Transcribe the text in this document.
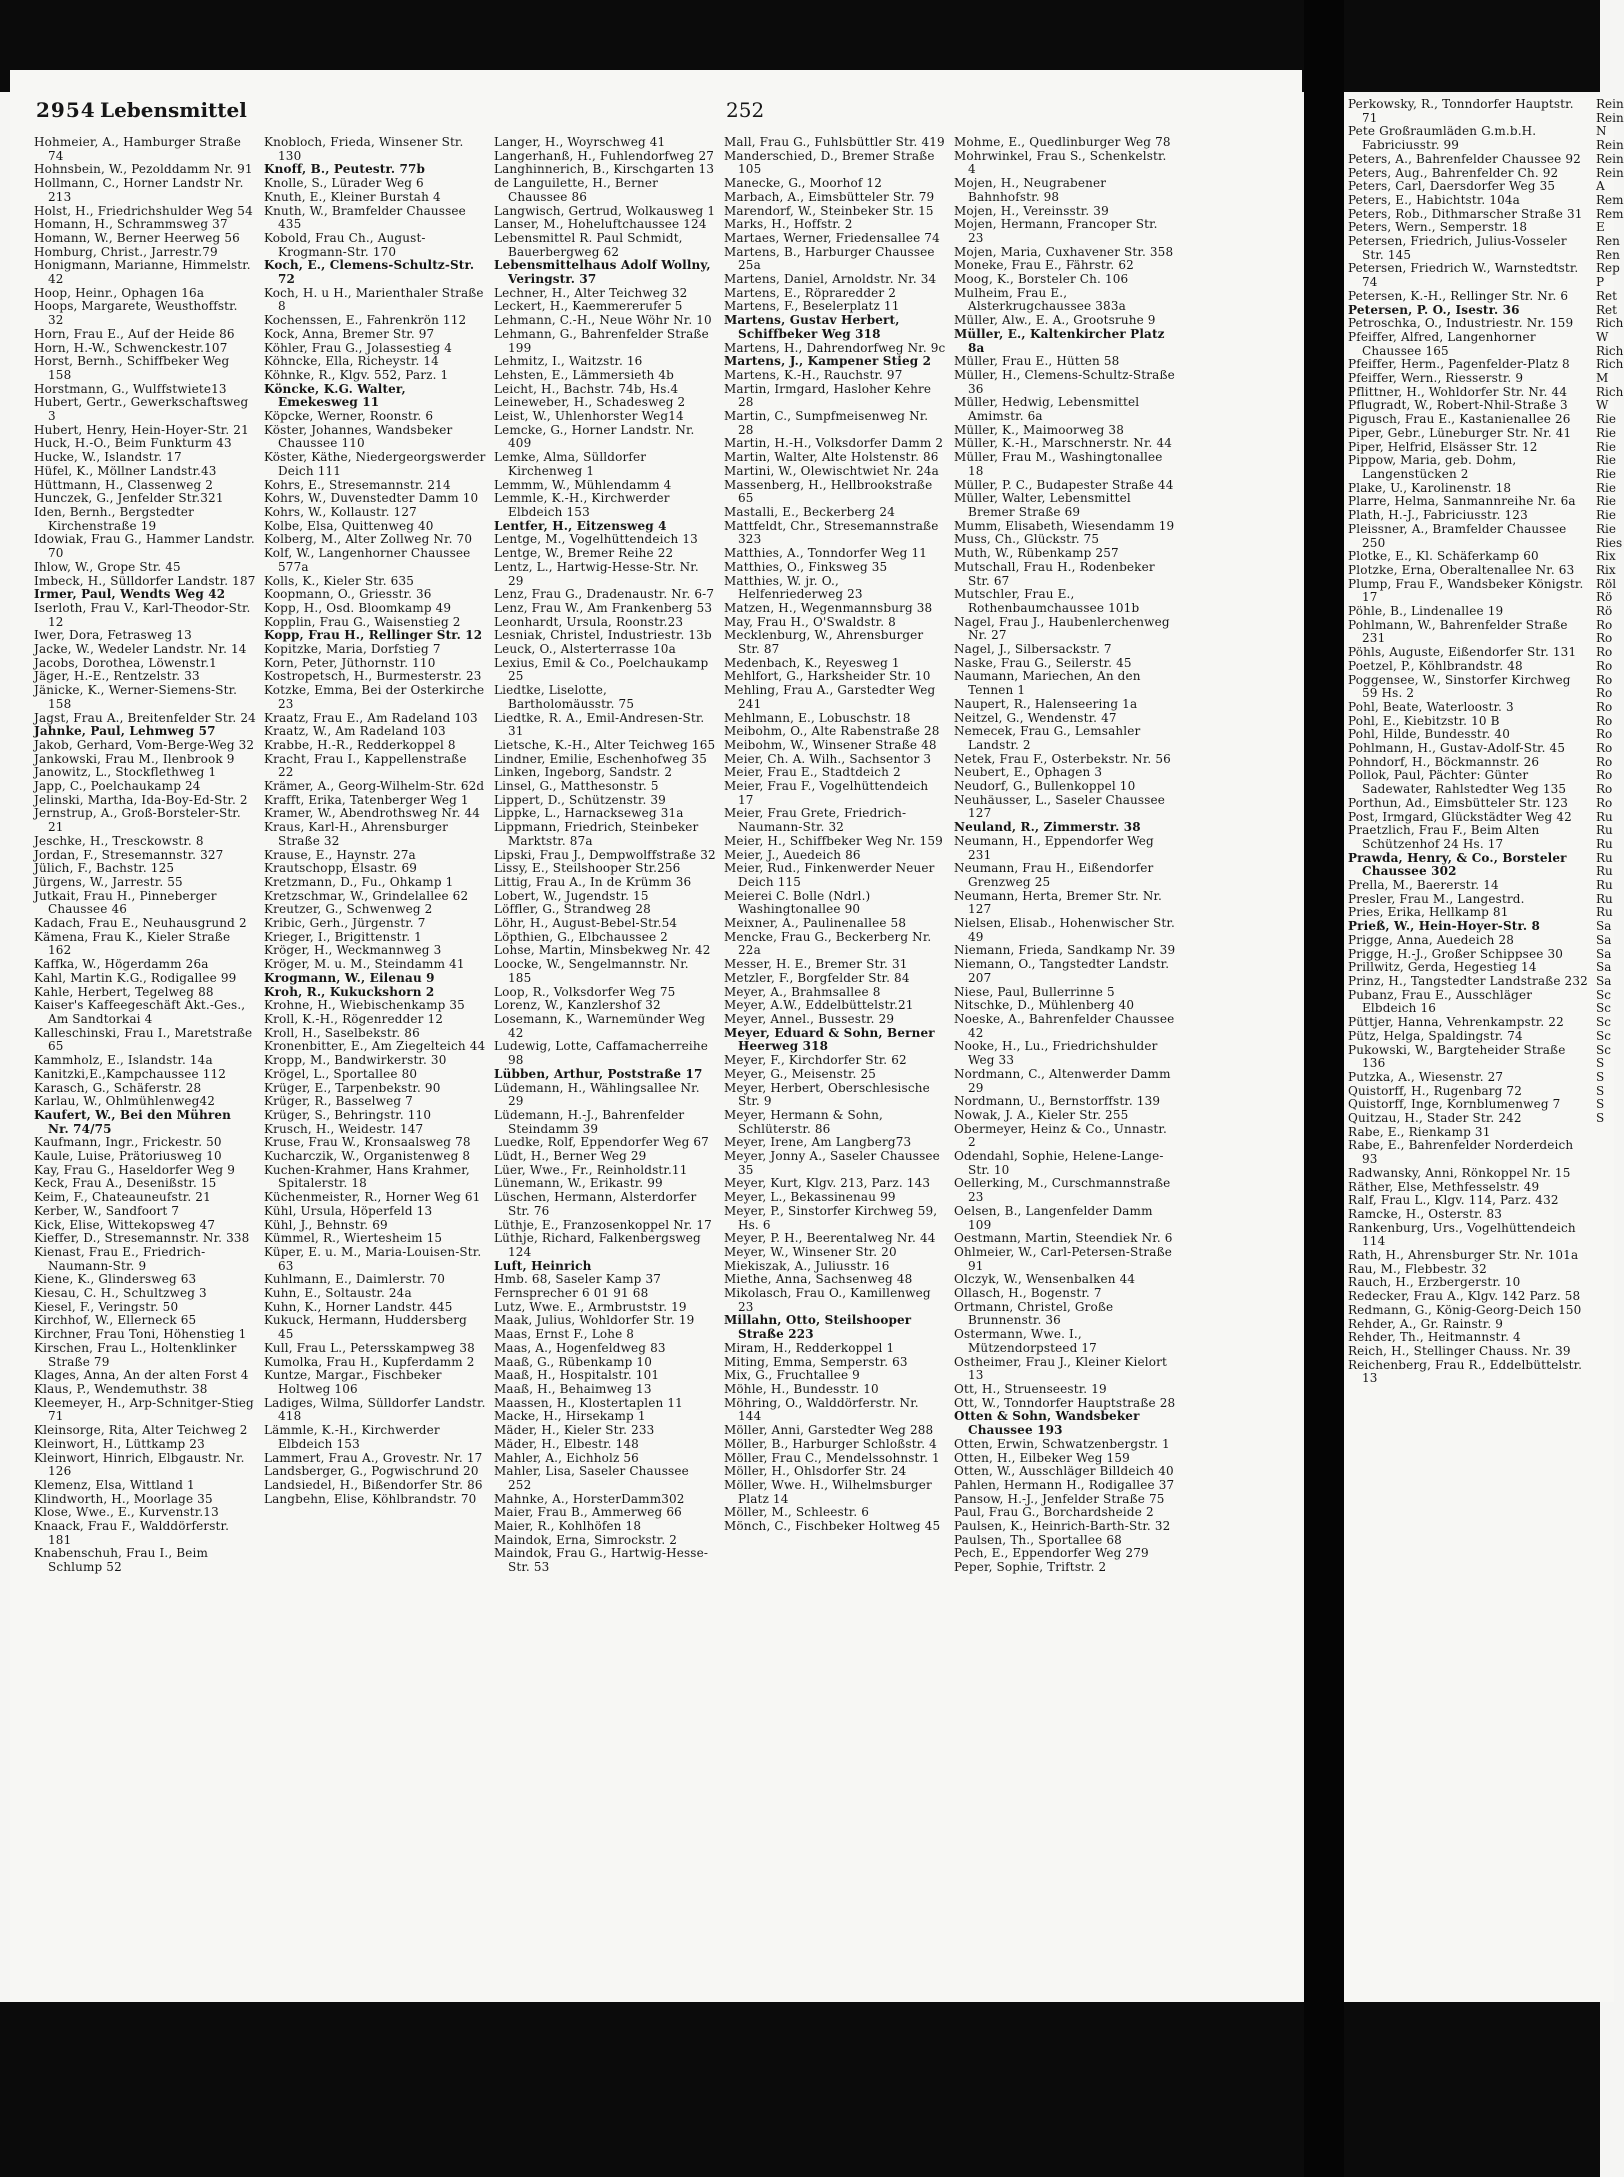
2954 Lebensmittel	252
Hohmeier, A., Hamburger Straße 74
Hohnsbein, W., Pezolddamm Nr. 91
Hollmann, C., Horner Landstr Nr. 213
Holst, H., Friedrichshulder Weg 54
Homann, H., Schrammsweg 37
Homann, W., Berner Heerweg 56
Homburg, Christ., Jarrestr.79
Honigmann, Marianne, Himmelstr. 42
Hoop, Heinr., Ophagen 16a
Hoops, Margarete, Weusthoffstr. 32
Horn, Frau E., Auf der Heide 86
Horn, H.-W., Schwenckestr.107
Horst, Bernh., Schiffbeker Weg 158
Horstmann, G., Wulffstwiete13
Hubert, Gertr., Gewerkschaftsweg 3
Hubert, Henry, Hein-Hoyer-Str. 21
Huck, H.-O., Beim Funkturm 43
Hucke, W., Islandstr. 17
Hüfel, K., Möllner Landstr.43
Hüttmann, H., Classenweg 2
Hunczek, G., Jenfelder Str.321
Iden, Bernh., Bergstedter Kirchenstraße 19
Idowiak, Frau G., Hammer Landstr. 70
Ihlow, W., Grope Str. 45
Imbeck, H., Sülldorfer Landstr. 187
Irmer, Paul, Wendts Weg 42
Iserloth, Frau V., Karl-Theodor-Str. 12
Iwer, Dora, Fetrasweg 13
Jacke, W., Wedeler Landstr. Nr. 14
Jacobs, Dorothea, Löwenstr.1
Jäger, H.-E., Rentzelstr. 33
Jänicke, K., Werner-Siemens-Str. 158
Jagst, Frau A., Breitenfelder Str. 24
Jahnke, Paul, Lehmweg 57
Jakob, Gerhard, Vom-Berge-Weg 32
Jankowski, Frau M., Ilenbrook 9
Janowitz, L., Stockflethweg 1
Japp, C., Poelchaukamp 24
Jelinski, Martha, Ida-Boy-Ed-Str. 2
Jernstrup, A., Groß-Borsteler-Str. 21
Jeschke, H., Tresckowstr. 8
Jordan, F., Stresemannstr. 327
Jülich, F., Bachstr. 125
Jürgens, W., Jarrestr. 55
Jutkait, Frau H., Pinneberger Chaussee 46
Kadach, Frau E., Neuhausgrund 2
Kämena, Frau K., Kieler Straße 162
Kaffka, W., Högerdamm 26a
Kahl, Martin K.G., Rodigallee 99
Kahle, Herbert, Tegelweg 88
Kaiser's Kaffeegeschäft Akt.-Ges., Am Sandtorkai 4
Kalleschinski, Frau I., Maretstraße 65
Kammholz, E., Islandstr. 14a
Kanitzki,E.,Kampchaussee 112
Karasch, G., Schäferstr. 28
Karlau, W., Ohlmühlenweg42
Kaufert, W., Bei den Mühren Nr. 74/75
Kaufmann, Ingr., Frickestr. 50
Kaule, Luise, Prätoriusweg 10
Kay, Frau G., Haseldorfer Weg 9
Keck, Frau A., Desenißstr. 15
Keim, F., Chateauneufstr. 21
Kerber, W., Sandfoort 7
Kick, Elise, Wittekopsweg 47
Kieffer, D., Stresemannstr. Nr. 338
Kienast, Frau E., Friedrich-Naumann-Str. 9
Kiene, K., Glindersweg 63
Kiesau, C. H., Schultzweg 3
Kiesel, F., Veringstr. 50
Kirchhof, W., Ellerneck 65
Kirchner, Frau Toni, Höhenstieg 1
Kirschen, Frau L., Holtenklinker Straße 79
Klages, Anna, An der alten Forst 4
Klaus, P., Wendemuthstr. 38
Kleemeyer, H., Arp-Schnitger-Stieg 71
Kleinsorge, Rita, Alter Teichweg 2
Kleinwort, H., Lüttkamp 23
Kleinwort, Hinrich, Elbgaustr. Nr. 126
Klemenz, Elsa, Wittland 1
Klindworth, H., Moorlage 35
Klose, Wwe., E., Kurvenstr.13
Knaack, Frau F., Walddörferstr. 181
Knabenschuh, Frau I., Beim Schlump 52
Knobloch, Frieda, Winsener Str. 130
Knoff, B., Peutestr. 77b
Knolle, S., Lürader Weg 6
Knuth, E., Kleiner Burstah 4
Knuth, W., Bramfelder Chaussee 435
Kobold, Frau Ch., August-Krogmann-Str. 170
Koch, E., Clemens-Schultz-Str. 72
Koch, H. u H., Marienthaler Straße 8
Kochenssen, E., Fahrenkrön 112
Kock, Anna, Bremer Str. 97
Köhler, Frau G., Jolassestieg 4
Köhncke, Ella, Richeystr. 14
Köhnke, R., Klgv. 552, Parz. 1
Köncke, K.G. Walter, Emekesweg 11
Köpcke, Werner, Roonstr. 6
Köster, Johannes, Wandsbeker Chaussee 110
Köster, Käthe, Niedergeorgswerder Deich 111
Kohrs, E., Stresemannstr. 214
Kohrs, W., Duvenstedter Damm 10
Kohrs, W., Kollaustr. 127
Kolbe, Elsa, Quittenweg 40
Kolberg, M., Alter Zollweg Nr. 70
Kolf, W., Langenhorner Chaussee 577a
Kolls, K., Kieler Str. 635
Koopmann, O., Griesstr. 36
Kopp, H., Osd. Bloomkamp 49
Kopplin, Frau G., Waisenstieg 2
Kopp, Frau H., Rellinger Str. 12
Kopitzke, Maria, Dorfstieg 7
Korn, Peter, Jüthornstr. 110
Kostropetsch, H., Burmesterstr. 23
Kotzke, Emma, Bei der Osterkirche 23
Kraatz, Frau E., Am Radeland 103
Kraatz, W., Am Radeland 103
Krabbe, H.-R., Redderkoppel 8
Kracht, Frau I., Kappellenstraße 22
Krämer, A., Georg-Wilhelm-Str. 62d
Krafft, Erika, Tatenberger Weg 1
Kramer, W., Abendrothsweg Nr. 44
Kraus, Karl-H., Ahrensburger Straße 32
Krause, E., Haynstr. 27a
Krautschopp, Elsastr. 69
Kretzmann, D., Fu., Ohkamp 1
Kretzschmar, W., Grindelallee 62
Kreutzer, G., Schwenweg 2
Kribic, Gerh., Jürgenstr. 7
Krieger, I., Brigittenstr. 1
Kröger, H., Weckmannweg 3
Kröger, M. u. M., Steindamm 41
Krogmann, W., Eilenau 9
Kroh, R., Kukuckshorn 2
Krohne, H., Wiebischenkamp 35
Kroll, K.-H., Rögenredder 12
Kroll, H., Saselbekstr. 86
Kronenbitter, E., Am Ziegelteich 44
Kropp, M., Bandwirkerstr. 30
Krögel, L., Sportallee 80
Krüger, E., Tarpenbekstr. 90
Krüger, R., Basselweg 7
Krüger, S., Behringstr. 110
Krusch, H., Weidestr. 147
Kruse, Frau W., Kronsaalsweg 78
Kucharczik, W., Organistenweg 8
Kuchen-Krahmer, Hans Krahmer, Spitalerstr. 18
Küchenmeister, R., Horner Weg 61
Kühl, Ursula, Höperfeld 13
Kühl, J., Behnstr. 69
Kümmel, R., Wiertesheim 15
Küper, E. u. M., Maria-Louisen-Str. 63
Kuhlmann, E., Daimlerstr. 70
Kuhn, E., Soltaustr. 24a
Kuhn, K., Horner Landstr. 445
Kukuck, Hermann, Huddersberg 45
Kull, Frau L., Petersskampweg 38
Kumolka, Frau H., Kupferdamm 2
Kuntze, Margar., Fischbeker Holtweg 106
Ladiges, Wilma, Sülldorfer Landstr. 418
Lämmle, K.-H., Kirchwerder Elbdeich 153
Lammert, Frau A., Grovestr. Nr. 17
Landsberger, G., Pogwischrund 20
Landsiedel, H., Bißendorfer Str. 86
Langbehn, Elise, Köhlbrandstr. 70
Langer, H., Woyrschweg 41
Langerhanß, H., Fuhlendorfweg 27
Langhinnerich, B., Kirschgarten 13
de Languilette, H., Berner Chaussee 86
Langwisch, Gertrud, Wolkausweg 1
Lanser, M., Hoheluftchaussee 124
Lebensmittel R. Paul Schmidt, Bauerbergweg 62
Lebensmittelhaus Adolf Wollny, Veringstr. 37
Lechner, H., Alter Teichweg 32
Leckert, H., Kaemmererufer 5
Lehmann, C.-H., Neue Wöhr Nr. 10
Lehmann, G., Bahrenfelder Straße 199
Lehmitz, I., Waitzstr. 16
Lehsten, E., Lämmersieth 4b
Leicht, H., Bachstr. 74b, Hs.4
Leineweber, H., Schadesweg 2
Leist, W., Uhlenhorster Weg14
Lemcke, G., Horner Landstr. Nr. 409
Lemke, Alma, Sülldorfer Kirchenweg 1
Lemmm, W., Mühlendamm 4
Lemmle, K.-H., Kirchwerder Elbdeich 153
Lentfer, H., Eitzensweg 4
Lentge, M., Vogelhüttendeich 13
Lentge, W., Bremer Reihe 22
Lentz, L., Hartwig-Hesse-Str. Nr. 29
Lenz, Frau G., Dradenaustr. Nr. 6-7
Lenz, Frau W., Am Frankenberg 53
Leonhardt, Ursula, Roonstr.23
Lesniak, Christel, Industriestr. 13b
Leuck, O., Alsterterrasse 10a
Lexius, Emil & Co., Poelchaukamp 25
Liedtke, Liselotte, Bartholomäusstr. 75
Liedtke, R. A., Emil-Andresen-Str. 31
Lietsche, K.-H., Alter Teichweg 165
Lindner, Emilie, Eschenhofweg 35
Linken, Ingeborg, Sandstr. 2
Linsel, G., Matthesonstr. 5
Lippert, D., Schützenstr. 39
Lippke, L., Harnackseweg 31a
Lippmann, Friedrich, Steinbeker Marktstr. 87a
Lipski, Frau J., Dempwolffstraße 32
Lissy, E., Steilshooper Str.256
Littig, Frau A., In de Krümm 36
Lobert, W., Jugendstr. 15
Löffler, G., Strandweg 28
Löhr, H., August-Bebel-Str.54
Löpthien, G., Elbchaussee 2
Lohse, Martin, Minsbekweg Nr. 42
Loocke, W., Sengelmannstr. Nr. 185
Loop, R., Volksdorfer Weg 75
Lorenz, W., Kanzlershof 32
Losemann, K., Warnemünder Weg 42
Ludewig, Lotte, Caffamacherreihe 98
Lübben, Arthur, Poststraße 17
Lüdemann, H., Wählingsallee Nr. 29
Lüdemann, H.-J., Bahrenfelder Steindamm 39
Luedke, Rolf, Eppendorfer Weg 67
Lüdt, H., Berner Weg 29
Lüer, Wwe., Fr., Reinholdstr.11
Lünemann, W., Erikastr. 99
Lüschen, Hermann, Alsterdorfer Str. 76
Lüthje, E., Franzosenkoppel Nr. 17
Lüthje, Richard, Falkenbergsweg 124
Luft, Heinrich
Hmb. 68, Saseler Kamp 37
Fernsprecher 6 01 91 68
Lutz, Wwe. E., Armbruststr. 19
Maak, Julius, Wohldorfer Str. 19
Maas, Ernst F., Lohe 8
Maas, A., Hogenfeldweg 83
Maaß, G., Rübenkamp 10
Maaß, H., Hospitalstr. 101
Maaß, H., Behaimweg 13
Maassen, H., Klostertaplen 11
Macke, H., Hirsekamp 1
Mäder, H., Kieler Str. 233
Mäder, H., Elbestr. 148
Mahler, A., Eichholz 56
Mahler, Lisa, Saseler Chaussee 252
Mahnke, A., HorsterDamm302
Maier, Frau B., Ammerweg 66
Maier, R., Kohlhöfen 18
Maindok, Erna, Simrockstr. 2
Maindok, Frau G., Hartwig-Hesse-Str. 53
Mall, Frau G., Fuhlsbüttler Str. 419
Manderschied, D., Bremer Straße 105
Manecke, G., Moorhof 12
Marbach, A., Eimsbütteler Str. 79
Marendorf, W., Steinbeker Str. 15
Marks, H., Hoffstr. 2
Martaes, Werner, Friedensallee 74
Martens, B., Harburger Chaussee 25a
Martens, Daniel, Arnoldstr. Nr. 34
Martens, E., Röpraredder 2
Martens, F., Beselerplatz 11
Martens, Gustav Herbert, Schiffbeker Weg 318
Martens, H., Dahrendorfweg Nr. 9c
Martens, J., Kampener Stieg 2
Martens, K.-H., Rauchstr. 97
Martin, Irmgard, Hasloher Kehre 28
Martin, C., Sumpfmeisenweg Nr. 28
Martin, H.-H., Volksdorfer Damm 2
Martin, Walter, Alte Holstenstr. 86
Martini, W., Olewischtwiet Nr. 24a
Massenberg, H., Hellbrookstraße 65
Mastalli, E., Beckerberg 24
Mattfeldt, Chr., Stresemannstraße 323
Matthies, A., Tonndorfer Weg 11
Matthies, O., Finksweg 35
Matthies, W. jr. O., Helfenriederweg 23
Matzen, H., Wegenmannsburg 38
May, Frau H., O'Swaldstr. 8
Mecklenburg, W., Ahrensburger Str. 87
Medenbach, K., Reyesweg 1
Mehlfort, G., Harksheider Str. 10
Mehling, Frau A., Garstedter Weg 241
Mehlmann, E., Lobuschstr. 18
Meibohm, O., Alte Rabenstraße 28
Meibohm, W., Winsener Straße 48
Meier, Ch. A. Wilh., Sachsentor 3
Meier, Frau E., Stadtdeich 2
Meier, Frau F., Vogelhüttendeich 17
Meier, Frau Grete, Friedrich-Naumann-Str. 32
Meier, H., Schiffbeker Weg Nr. 159
Meier, J., Auedeich 86
Meier, Rud., Finkenwerder Neuer Deich 115
Meierei C. Bolle (Ndrl.) Washingtonallee 90
Meixner, A., Paulinenallee 58
Mencke, Frau G., Beckerberg Nr. 22a
Messer, H. E., Bremer Str. 31
Metzler, F., Borgfelder Str. 84
Meyer, A., Brahmsallee 8
Meyer, A.W., Eddelbüttelstr.21
Meyer, Annel., Bussestr. 29
Meyer, Eduard & Sohn, Berner Heerweg 318
Meyer, F., Kirchdorfer Str. 62
Meyer, G., Meisenstr. 25
Meyer, Herbert, Oberschlesische Str. 9
Meyer, Hermann & Sohn, Schlüterstr. 86
Meyer, Irene, Am Langberg73
Meyer, Jonny A., Saseler Chaussee 35
Meyer, Kurt, Klgv. 213, Parz. 143
Meyer, L., Bekassinenau 99
Meyer, P., Sinstorfer Kirchweg 59, Hs. 6
Meyer, P. H., Beerentalweg Nr. 44
Meyer, W., Winsener Str. 20
Miekiszak, A., Juliusstr. 16
Miethe, Anna, Sachsenweg 48
Mikolasch, Frau O., Kamillenweg 23
Millahn, Otto, Steilshooper Straße 223
Miram, H., Redderkoppel 1
Miting, Emma, Semperstr. 63
Mix, G., Fruchtallee 9
Möhle, H., Bundesstr. 10
Möhring, O., Walddörferstr. Nr. 144
Möller, Anni, Garstedter Weg 288
Möller, B., Harburger Schloßstr. 4
Möller, Frau C., Mendelssohnstr. 1
Möller, H., Ohlsdorfer Str. 24
Möller, Wwe. H., Wilhelmsburger Platz 14
Möller, M., Schleestr. 6
Mönch, C., Fischbeker Holtweg 45
Mohme, E., Quedlinburger Weg 78
Mohrwinkel, Frau S., Schenkelstr. 4
Mojen, H., Neugrabener Bahnhofstr. 98
Mojen, H., Vereinsstr. 39
Mojen, Hermann, Francoper Str. 23
Mojen, Maria, Cuxhavener Str. 358
Moneke, Frau E., Fährstr. 62
Moog, K., Borsteler Ch. 106
Mulheim, Frau E., Alsterkrugchaussee 383a
Müller, Alw., E. A., Grootsruhe 9
Müller, E., Kaltenkircher Platz 8a
Müller, Frau E., Hütten 58
Müller, H., Clemens-Schultz-Straße 36
Müller, Hedwig, Lebensmittel Amimstr. 6a
Müller, K., Maimoorweg 38
Müller, K.-H., Marschnerstr. Nr. 44
Müller, Frau M., Washingtonallee 18
Müller, P. C., Budapester Straße 44
Müller, Walter, Lebensmittel Bremer Straße 69
Mumm, Elisabeth, Wiesendamm 19
Muss, Ch., Glückstr. 75
Muth, W., Rübenkamp 257
Mutschall, Frau H., Rodenbeker Str. 67
Mutschler, Frau E., Rothenbaumchaussee 101b
Nagel, Frau J., Haubenlerchenweg Nr. 27
Nagel, J., Silbersackstr. 7
Naske, Frau G., Seilerstr. 45
Naumann, Mariechen, An den Tennen 1
Naupert, R., Halenseering 1a
Neitzel, G., Wendenstr. 47
Nemecek, Frau G., Lemsahler Landstr. 2
Netek, Frau F., Osterbekstr. Nr. 56
Neubert, E., Ophagen 3
Neudorf, G., Bullenkoppel 10
Neuhäusser, L., Saseler Chaussee 127
Neuland, R., Zimmerstr. 38
Neumann, H., Eppendorfer Weg 231
Neumann, Frau H., Eißendorfer Grenzweg 25
Neumann, Herta, Bremer Str. Nr. 127
Nielsen, Elisab., Hohenwischer Str. 49
Niemann, Frieda, Sandkamp Nr. 39
Niemann, O., Tangstedter Landstr. 207
Niese, Paul, Bullerrinne 5
Nitschke, D., Mühlenberg 40
Noeske, A., Bahrenfelder Chaussee 42
Nooke, H., Lu., Friedrichshulder Weg 33
Nordmann, C., Altenwerder Damm 29
Nordmann, U., Bernstorffstr. 139
Nowak, J. A., Kieler Str. 255
Obermeyer, Heinz & Co., Unnastr. 2
Odendahl, Sophie, Helene-Lange-Str. 10
Oellerking, M., Curschmannstraße 23
Oelsen, B., Langenfelder Damm 109
Oestmann, Martin, Steendiek Nr. 6
Ohlmeier, W., Carl-Petersen-Straße 91
Olczyk, W., Wensenbalken 44
Ollasch, H., Bogenstr. 7
Ortmann, Christel, Große Brunnenstr. 36
Ostermann, Wwe. I., Mützendorpsteed 17
Ostheimer, Frau J., Kleiner Kielort 13
Ott, H., Struenseestr. 19
Ott, W., Tonndorfer Hauptstraße 28
Otten & Sohn, Wandsbeker Chaussee 193
Otten, Erwin, Schwatzenbergstr. 1
Otten, H., Eilbeker Weg 159
Otten, W., Ausschläger Billdeich 40
Pahlen, Hermann H., Rodigallee 37
Pansow, H.-J., Jenfelder Straße 75
Paul, Frau G., Borchardsheide 2
Paulsen, K., Heinrich-Barth-Str. 32
Paulsen, Th., Sportallee 68
Pech, E., Eppendorfer Weg 279
Peper, Sophie, Triftstr. 2
Perkowsky, R., Tonndorfer Hauptstr. 71
Pete Großraumläden G.m.b.H. Fabriciusstr. 99
Peters, A., Bahrenfelder Chaussee 92
Peters, Aug., Bahrenfelder Ch. 92
Peters, Carl, Daersdorfer Weg 35
Peters, E., Habichtstr. 104a
Peters, Rob., Dithmarscher Straße 31
Peters, Wern., Semperstr. 18
Petersen, Friedrich, Julius-Vosseler Str. 145
Petersen, Friedrich W., Warnstedtstr. 74
Petersen, K.-H., Rellinger Str. Nr. 6
Petersen, P. O., Isestr. 36
Petroschka, O., Industriestr. Nr. 159
Pfeiffer, Alfred, Langenhorner Chaussee 165
Pfeiffer, Herm., Pagenfelder-Platz 8
Pfeiffer, Wern., Riesserstr. 9
Pflittner, H., Wohldorfer Str. Nr. 44
Pflugradt, W., Robert-Nhil-Straße 3
Pigusch, Frau E., Kastanienallee 26
Piper, Gebr., Lüneburger Str. Nr. 41
Piper, Helfrid, Elsässer Str. 12
Pippow, Maria, geb. Dohm, Langenstücken 2
Plake, U., Karolinenstr. 18
Plarre, Helma, Sanmannreihe Nr. 6a
Plath, H.-J., Fabriciusstr. 123
Pleissner, A., Bramfelder Chaussee 250
Plotke, E., Kl. Schäferkamp 60
Plotzke, Erna, Oberaltenallee Nr. 63
Plump, Frau F., Wandsbeker Königstr. 17
Pöhle, B., Lindenallee 19
Pohlmann, W., Bahrenfelder Straße 231
Pöhls, Auguste, Eißendorfer Str. 131
Poetzel, P., Köhlbrandstr. 48
Poggensee, W., Sinstorfer Kirchweg 59 Hs. 2
Pohl, Beate, Waterloostr. 3
Pohl, E., Kiebitzstr. 10 B
Pohl, Hilde, Bundesstr. 40
Pohlmann, H., Gustav-Adolf-Str. 45
Pohndorf, H., Böckmannstr. 26
Pollok, Paul, Pächter: Günter Sadewater, Rahlstedter Weg 135
Porthun, Ad., Eimsbütteler Str. 123
Post, Irmgard, Glückstädter Weg 42
Praetzlich, Frau F., Beim Alten Schützenhof 24 Hs. 17
Prawda, Henry, & Co., Borsteler Chaussee 302
Prella, M., Baererstr. 14
Presler, Frau M., Langestrd.
Pries, Erika, Hellkamp 81
Prieß, W., Hein-Hoyer-Str. 8
Prigge, Anna, Auedeich 28
Prigge, H.-J., Großer Schippsee 30
Prillwitz, Gerda, Hegestieg 14
Prinz, H., Tangstedter Landstraße 232
Pubanz, Frau E., Ausschläger Elbdeich 16
Püttjer, Hanna, Vehrenkampstr. 22
Pütz, Helga, Spaldingstr. 74
Pukowski, W., Bargteheider Straße 136
Putzka, A., Wiesenstr. 27
Quistorff, H., Rugenbarg 72
Quistorff, Inge, Kornblumenweg 7
Quitzau, H., Stader Str. 242
Rabe, E., Rienkamp 31
Rabe, E., Bahrenfelder Norderdeich 93
Radwansky, Anni, Rönkoppel Nr. 15
Räther, Else, Methfesselstr. 49
Ralf, Frau L., Klgv. 114, Parz. 432
Ramcke, H., Osterstr. 83
Rankenburg, Urs., Vogelhüttendeich 114
Rath, H., Ahrensburger Str. Nr. 101a
Rau, M., Flebbestr. 32
Rauch, H., Erzbergerstr. 10
Redecker, Frau A., Klgv. 142 Parz. 58
Redmann, G., König-Georg-Deich 150
Rehder, A., Gr. Rainstr. 9
Rehder, Th., Heitmannstr. 4
Reich, H., Stellinger Chauss. Nr. 39
Reichenberg, Frau R., Eddelbüttelstr. 13
Rein
Rein
N
Rein
Rein
Rein
A
Rem
Rem
E
Ren
Ren
Rep
P
Ret
Ret
Rich
W
Rich
Rich
M
Rich
W
Rie
Rie
Rie
Rie
Rie
Rie
Rie
Rie
Rie
Ries
Rix
Rix
Röl
Rö
Rö
Ro
Ro
Ro
Ro
Ro
Ro
Ro
Ro
Ro
Ro
Ro
Ro
Ro
Ro
Ru
Ru
Ru
Ru
Ru
Ru
Ru
Ru
Sa
Sa
Sa
Sa
Sa
Sc
Sc
Sc
Sc
Sc
S
S
S
S
S
